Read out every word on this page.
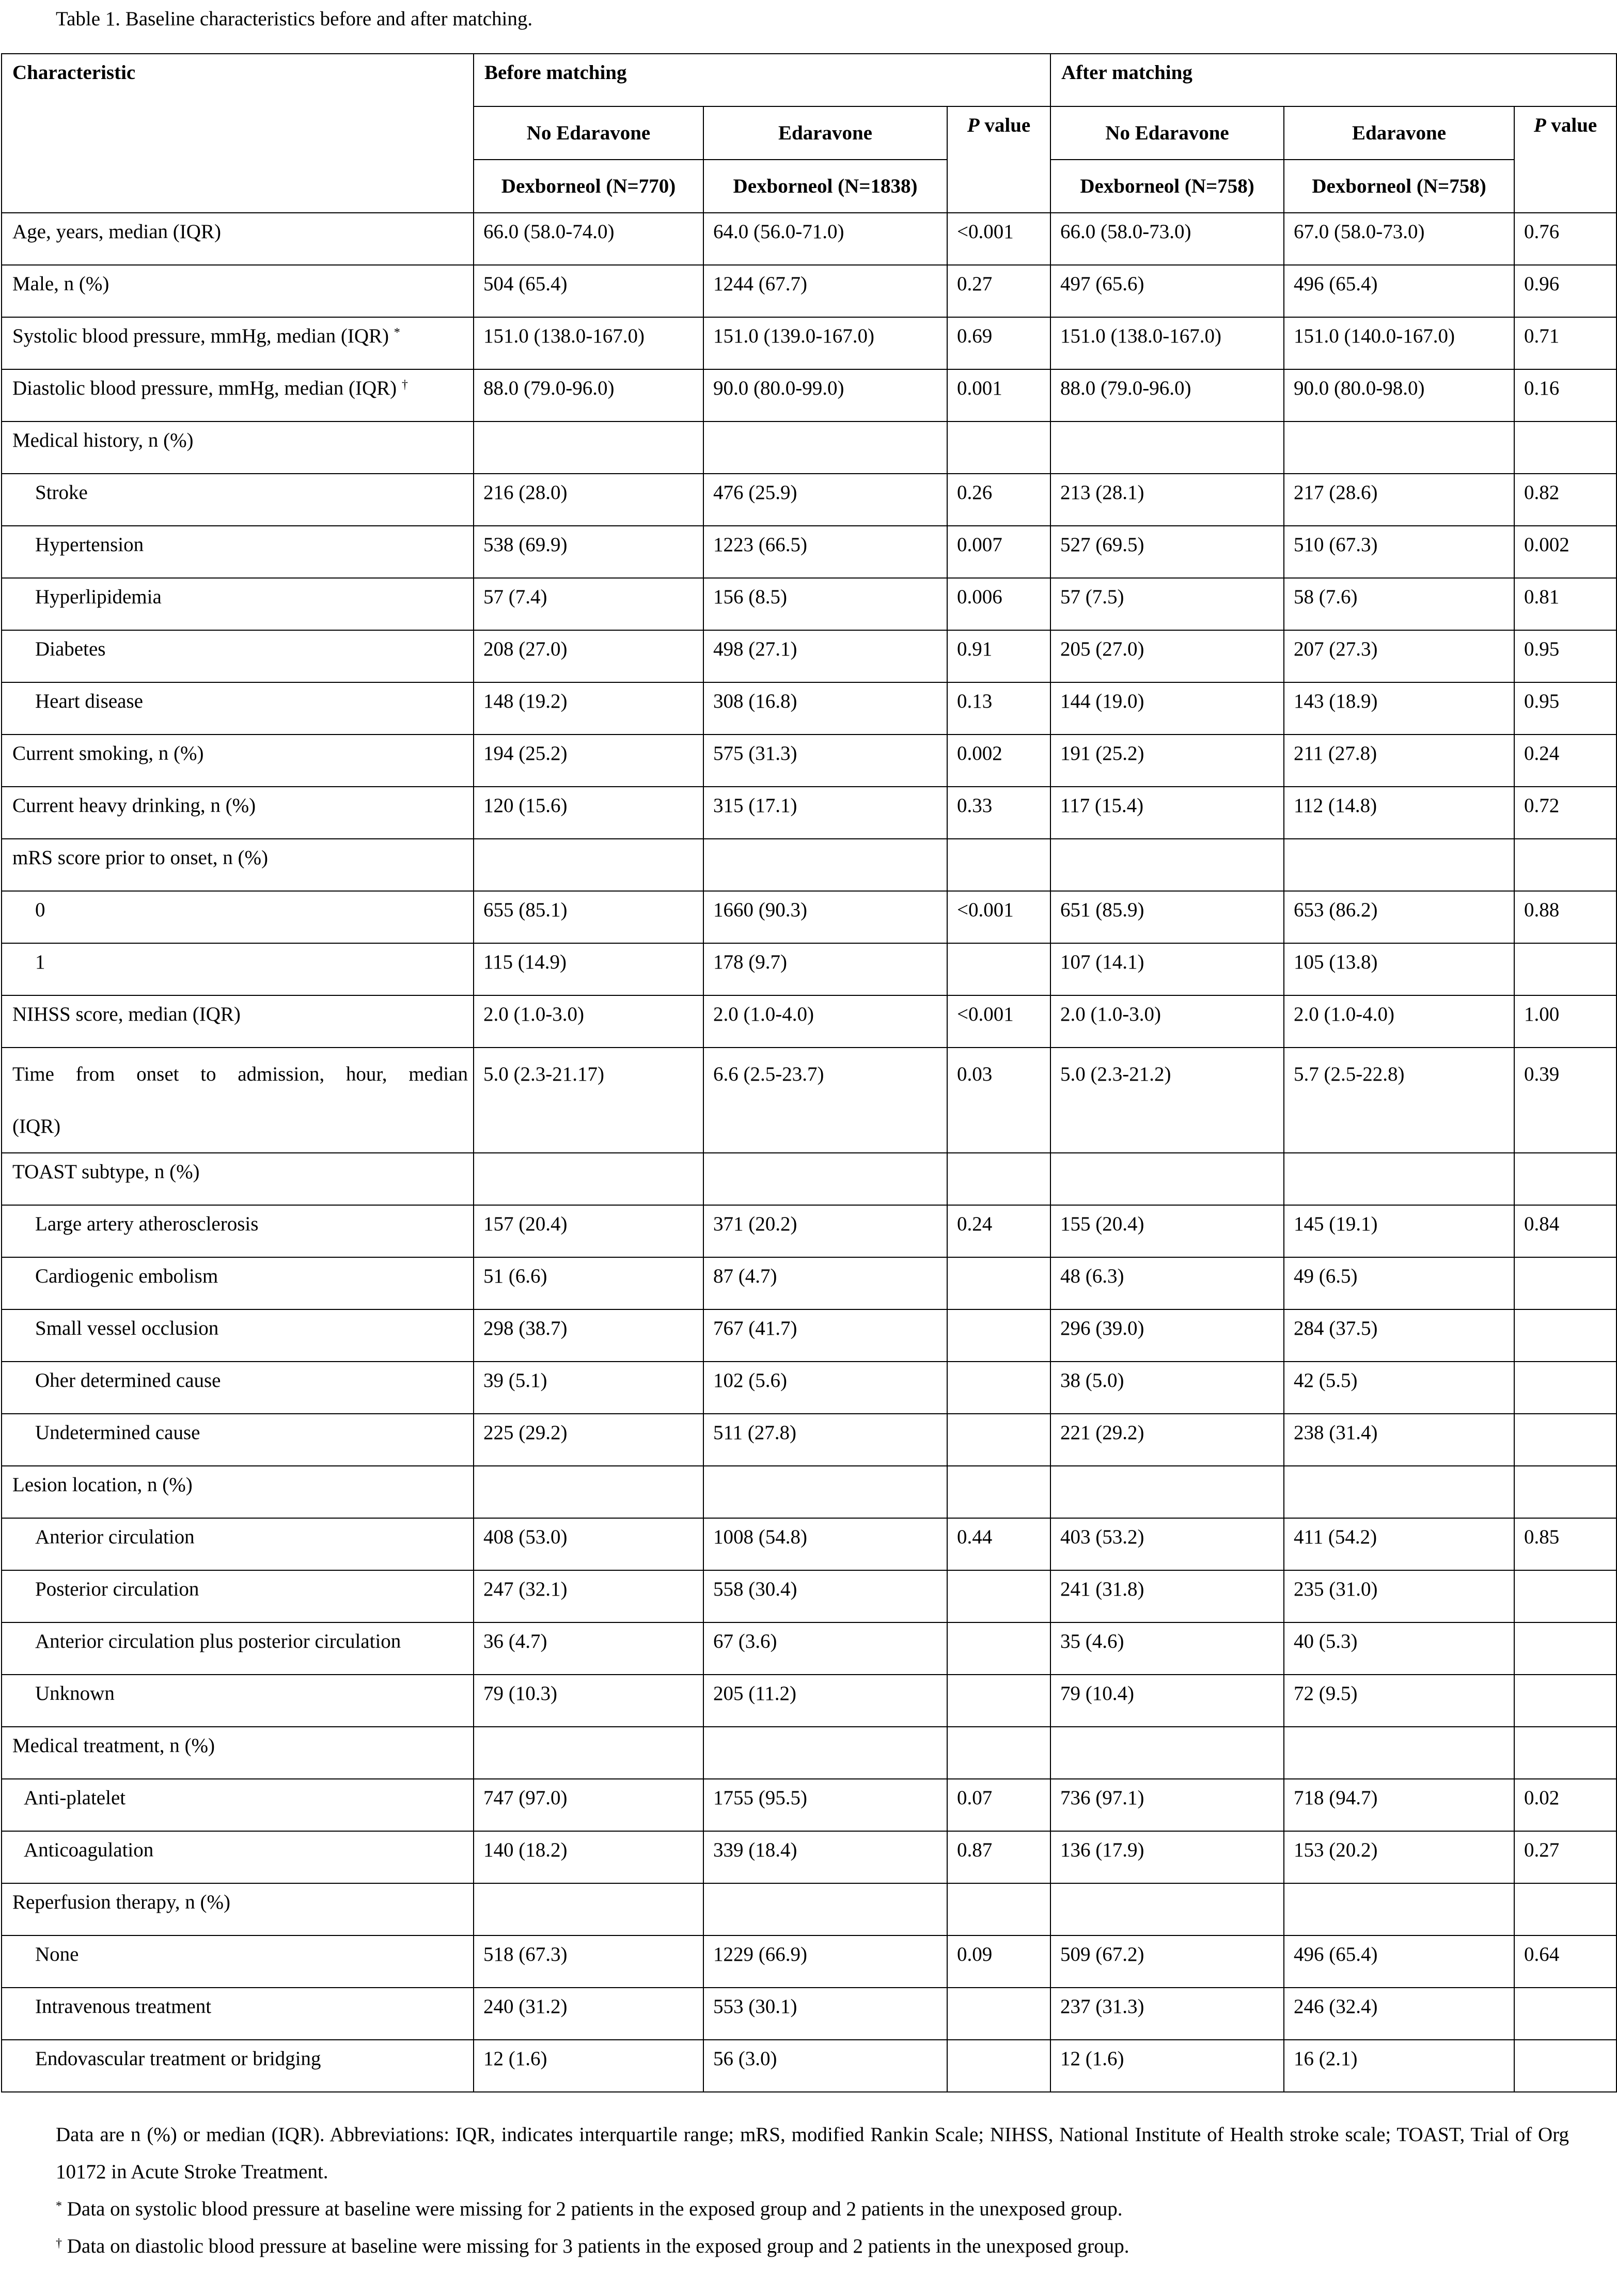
Table 1. Baseline characteristics before and after matching.
Characteristic	Before matching			After matching		
	No Edaravone	Edaravone	P value	No Edaravone	Edaravone	P value
	Dexborneol (N=770)	Dexborneol (N=1838)		Dexborneol (N=758)	Dexborneol (N=758)	
Age, years, median (IQR)	66.0 (58.0-74.0)	64.0 (56.0-71.0)	<0.001	66.0 (58.0-73.0)	67.0 (58.0-73.0)	0.76
Male, n (%)	504 (65.4)	1244 (67.7)	0.27	497 (65.6)	496 (65.4)	0.96
Systolic blood pressure, mmHg, median (IQR) *	151.0 (138.0-167.0)	151.0 (139.0-167.0)	0.69	151.0 (138.0-167.0)	151.0 (140.0-167.0)	0.71
Diastolic blood pressure, mmHg, median (IQR) †	88.0 (79.0-96.0)	90.0 (80.0-99.0)	0.001	88.0 (79.0-96.0)	90.0 (80.0-98.0)	0.16
Medical history, n (%)						
Stroke	216 (28.0)	476 (25.9)	0.26	213 (28.1)	217 (28.6)	0.82
Hypertension	538 (69.9)	1223 (66.5)	0.007	527 (69.5)	510 (67.3)	0.002
Hyperlipidemia	57 (7.4)	156 (8.5)	0.006	57 (7.5)	58 (7.6)	0.81
Diabetes	208 (27.0)	498 (27.1)	0.91	205 (27.0)	207 (27.3)	0.95
Heart disease	148 (19.2)	308 (16.8)	0.13	144 (19.0)	143 (18.9)	0.95
Current smoking, n (%)	194 (25.2)	575 (31.3)	0.002	191 (25.2)	211 (27.8)	0.24
Current heavy drinking, n (%)	120 (15.6)	315 (17.1)	0.33	117 (15.4)	112 (14.8)	0.72
mRS score prior to onset, n (%)						
0	655 (85.1)	1660 (90.3)	<0.001	651 (85.9)	653 (86.2)	0.88
1	115 (14.9)	178 (9.7)		107 (14.1)	105 (13.8)	
NIHSS score, median (IQR)	2.0 (1.0-3.0)	2.0 (1.0-4.0)	<0.001	2.0 (1.0-3.0)	2.0 (1.0-4.0)	1.00
Time from onset to admission, hour, median
(IQR)	5.0 (2.3-21.17)	6.6 (2.5-23.7)	0.03	5.0 (2.3-21.2)	5.7 (2.5-22.8)	0.39
TOAST subtype, n (%)						
Large artery atherosclerosis	157 (20.4)	371 (20.2)	0.24	155 (20.4)	145 (19.1)	0.84
Cardiogenic embolism	51 (6.6)	87 (4.7)		48 (6.3)	49 (6.5)	
Small vessel occlusion	298 (38.7)	767 (41.7)		296 (39.0)	284 (37.5)	
Oher determined cause	39 (5.1)	102 (5.6)		38 (5.0)	42 (5.5)	
Undetermined cause	225 (29.2)	511 (27.8)		221 (29.2)	238 (31.4)	
Lesion location, n (%)						
Anterior circulation	408 (53.0)	1008 (54.8)	0.44	403 (53.2)	411 (54.2)	0.85
Posterior circulation	247 (32.1)	558 (30.4)		241 (31.8)	235 (31.0)	
Anterior circulation plus posterior circulation	36 (4.7)	67 (3.6)		35 (4.6)	40 (5.3)	
Unknown	79 (10.3)	205 (11.2)		79 (10.4)	72 (9.5)	
Medical treatment, n (%)						
Anti-platelet	747 (97.0)	1755 (95.5)	0.07	736 (97.1)	718 (94.7)	0.02
Anticoagulation	140 (18.2)	339 (18.4)	0.87	136 (17.9)	153 (20.2)	0.27
Reperfusion therapy, n (%)						
None	518 (67.3)	1229 (66.9)	0.09	509 (67.2)	496 (65.4)	0.64
Intravenous treatment	240 (31.2)	553 (30.1)		237 (31.3)	246 (32.4)	
Endovascular treatment or bridging	12 (1.6)	56 (3.0)		12 (1.6)	16 (2.1)	

Data are n (%) or median (IQR). Abbreviations: IQR, indicates interquartile range; mRS, modified Rankin Scale; NIHSS, National Institute of Health stroke scale; TOAST, Trial of Org 10172 in Acute Stroke Treatment.

* Data on systolic blood pressure at baseline were missing for 2 patients in the exposed group and 2 patients in the unexposed group.

† Data on diastolic blood pressure at baseline were missing for 3 patients in the exposed group and 2 patients in the unexposed group.
